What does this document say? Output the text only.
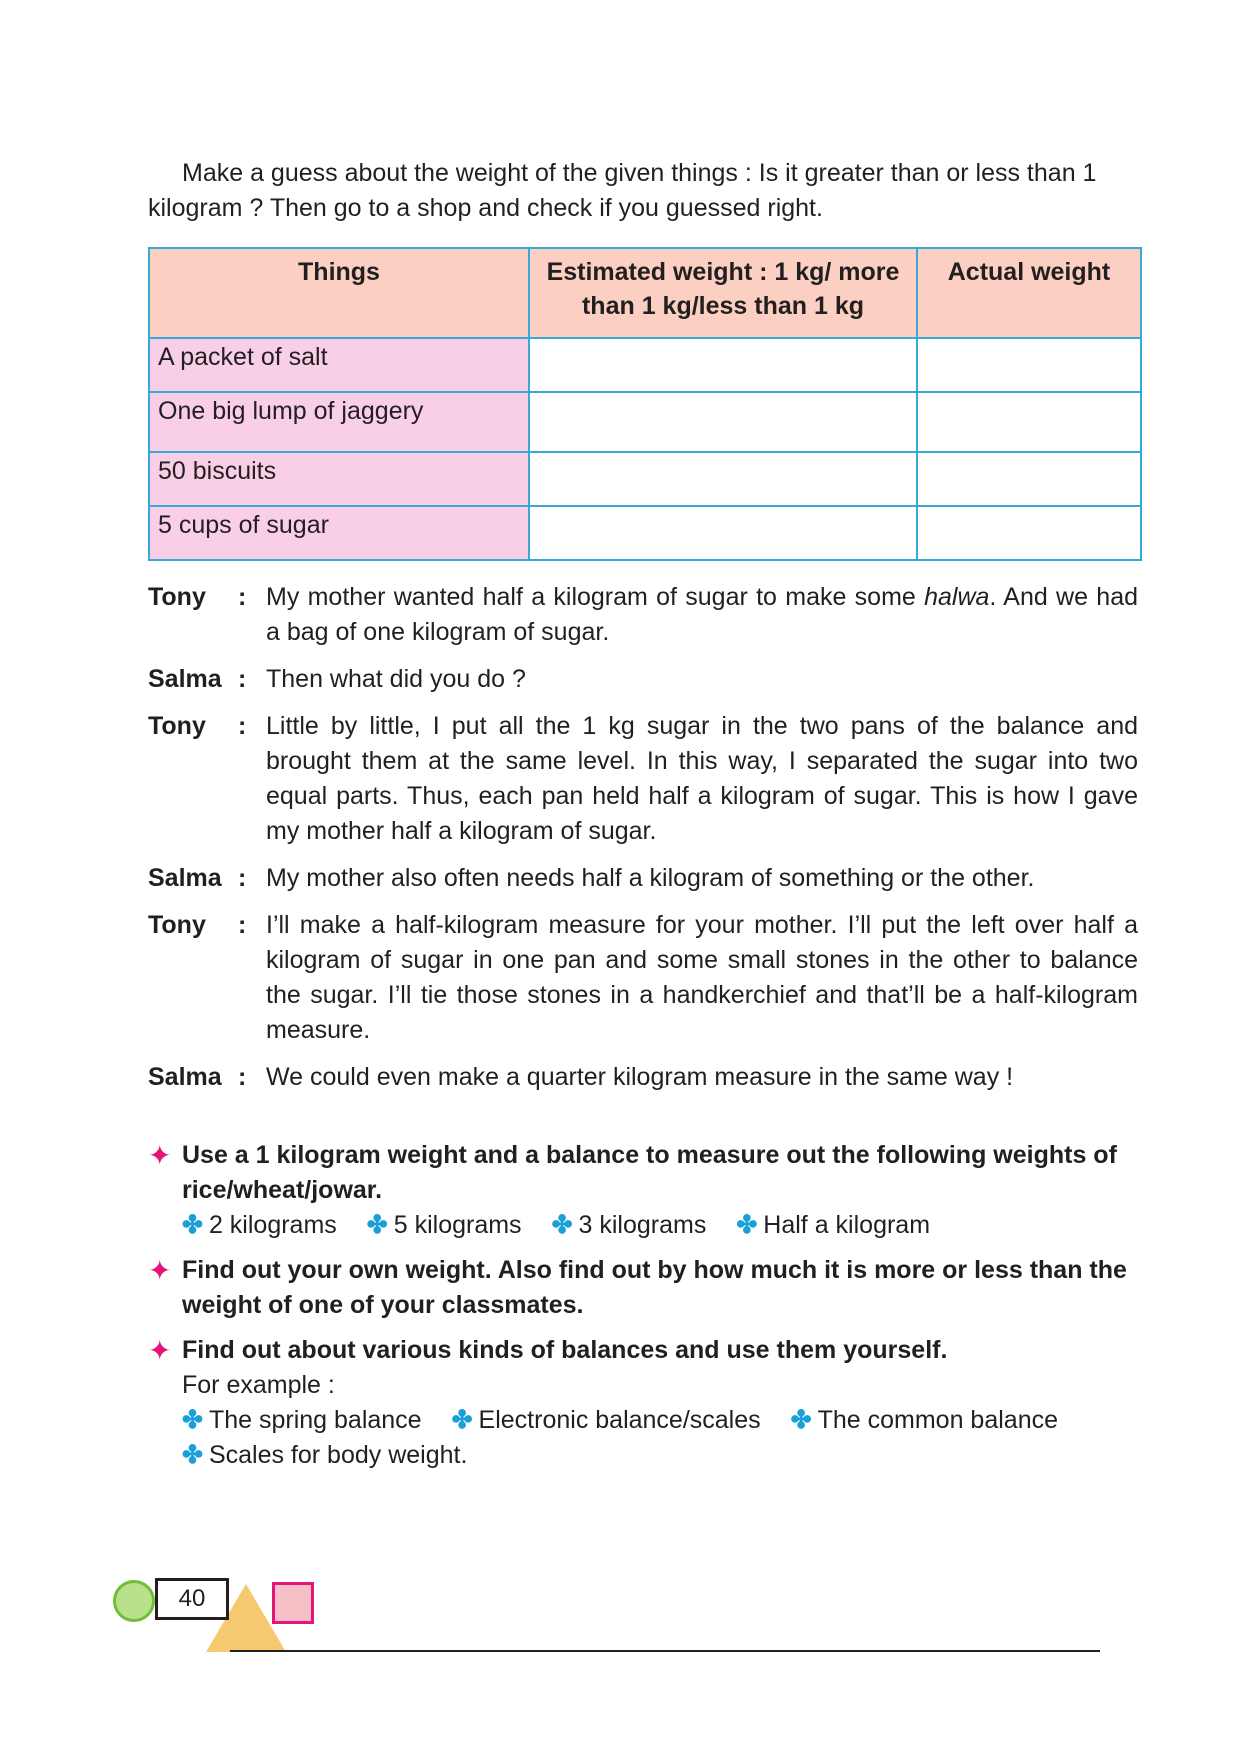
Make a guess about the weight of the given things : Is it greater than or less than 1 kilogram ? Then go to a shop and check if you guessed right.

Things	Estimated weight : 1 kg/ more than 1 kg/less than 1 kg	Actual weight
A packet of salt		
One big lump of jaggery		
50 biscuits		
5 cups of sugar		
Tony	: My mother wanted half a kilogram of sugar to make some halwa. And we had a bag of one kilogram of sugar.
Salma : Then what did you do ?
Tony	: Little by little, I put all the 1 kg sugar in the two pans of the balance and brought them at the same level. In this way, I separated the sugar into two equal parts. Thus, each pan held half a kilogram of sugar. This is how I gave my mother half a kilogram of sugar.
Salma : My mother also often needs half a kilogram of something or the other.
Tony	: I’ll make a half-kilogram measure for your mother. I’ll put the left over half a kilogram of sugar in one pan and some small stones in the other to balance the sugar. I’ll tie those stones in a handkerchief and that’ll be a half-kilogram measure.
Salma : We could even make a quarter kilogram measure in the same way !
✦ Use a 1 kilogram weight and a balance to measure out the following weights of rice/wheat/jowar.
✤ 2 kilograms ✤ 5 kilograms ✤ 3 kilograms ✤ Half a kilogram
✦ Find out your own weight. Also find out by how much it is more or less than the weight of one of your classmates.
✦ Find out about various kinds of balances and use them yourself.
For example :
✤ The spring balance ✤ Electronic balance/scales ✤ The common balance
✤ Scales for body weight.
40
